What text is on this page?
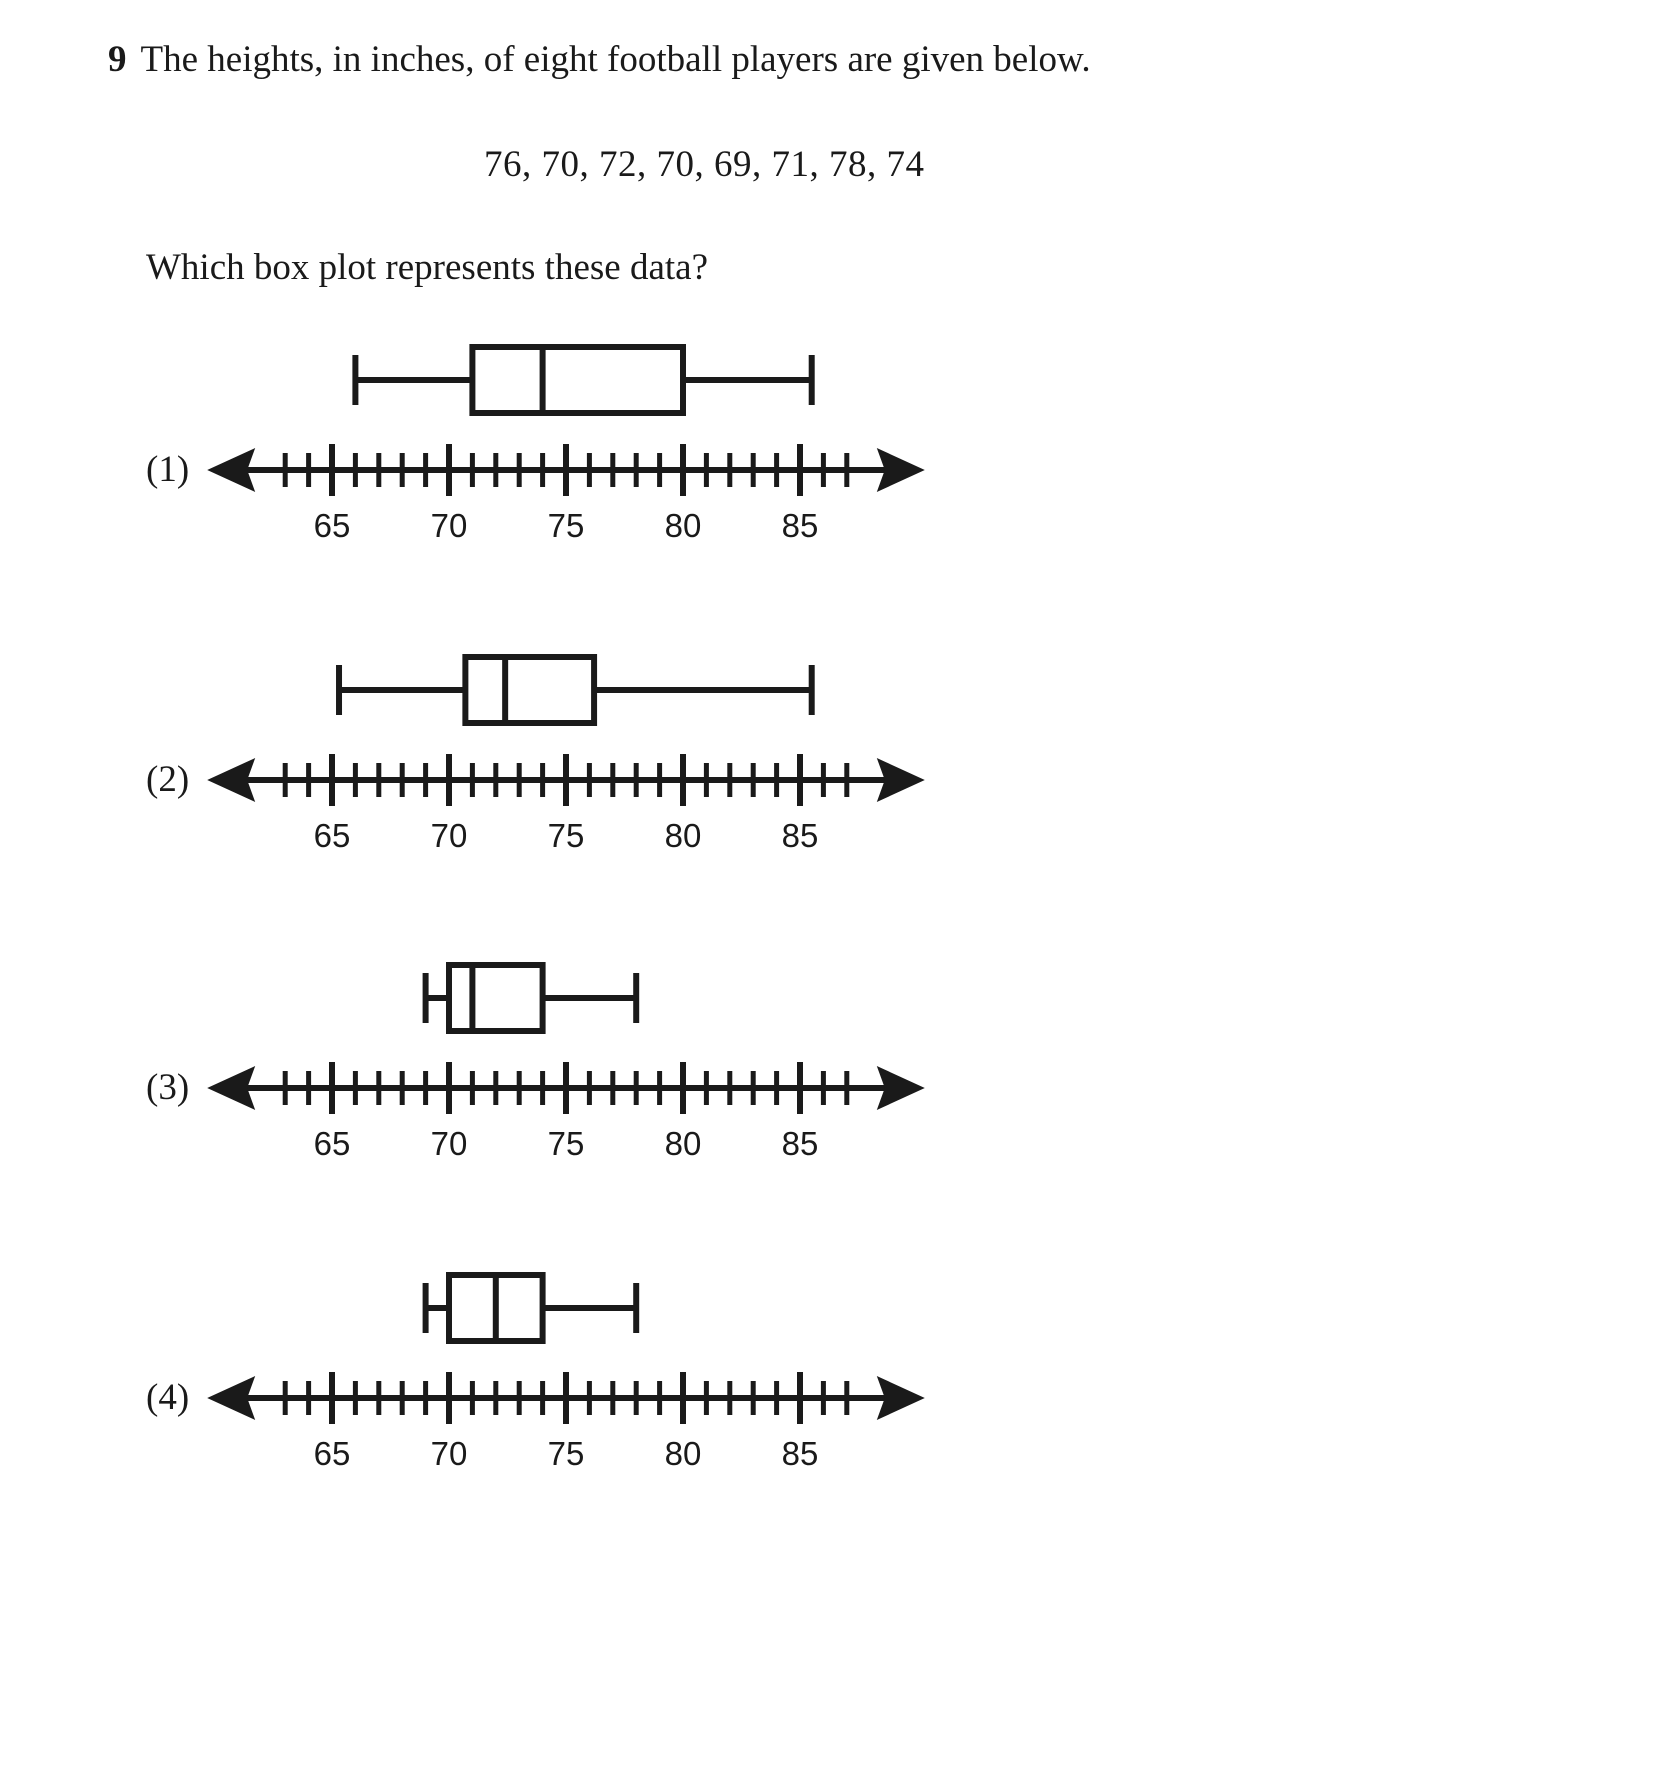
9 The heights, in inches, of eight football players are given below.
76, 70, 72, 70, 69, 71, 78, 74
Which box plot represents these data?
(1)
65 70 75 80 85
(2)
65 70 75 80 85
(3)
65 70 75 80 85
(4)
65 70 75 80 85
